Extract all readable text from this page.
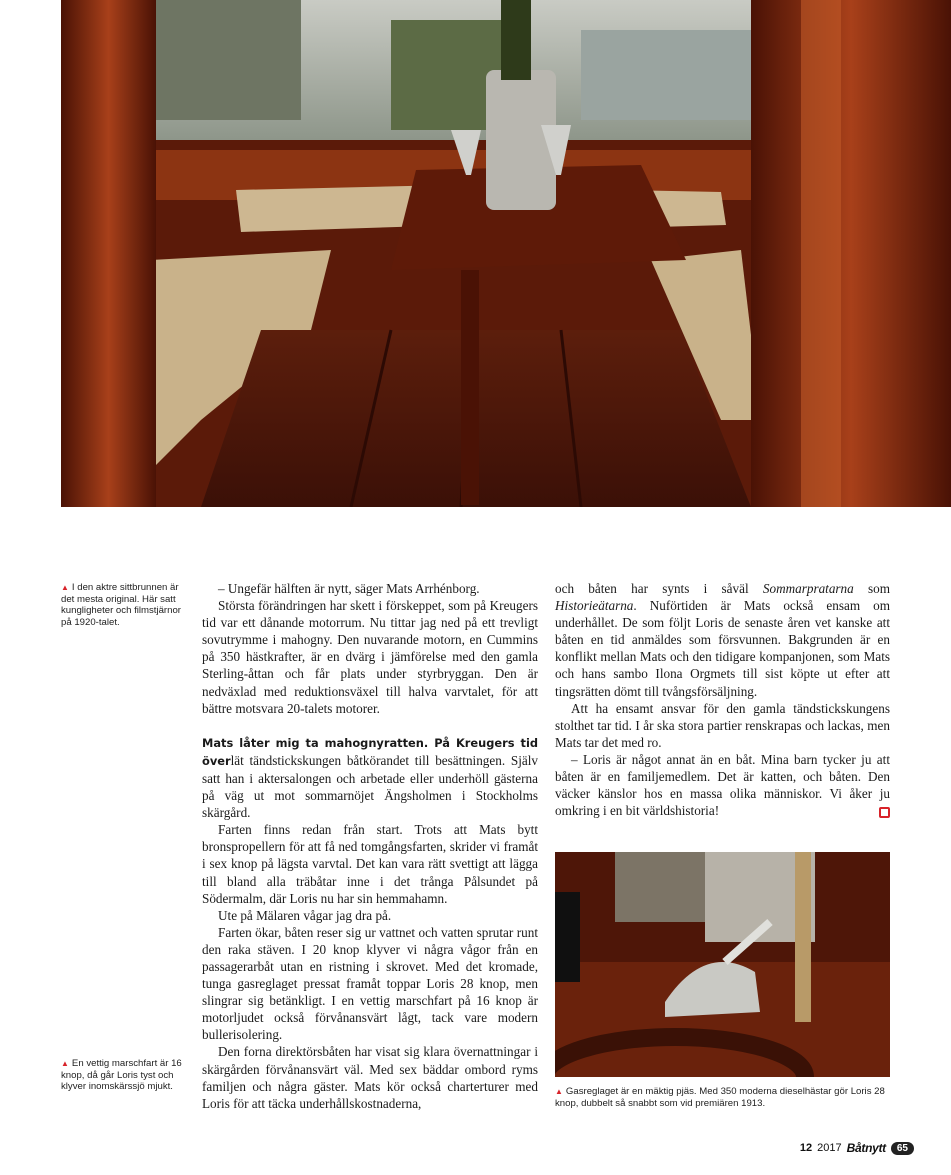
▲ I den aktre sittbrunnen är det mesta original. Här satt kungligheter och filmstjärnor på 1920-talet.
▲ En vettig marschfart är 16 knop, då går Loris tyst och klyver inomskärssjö mjukt.

– Ungefär hälften är nytt, säger Mats Arrhénborg.

Största förändringen har skett i förskeppet, som på Kreugers tid var ett dånande motorrum. Nu tittar jag ned på ett trevligt sovutrymme i mahogny. Den nuvarande motorn, en Cummins på 350 hästkrafter, är en dvärg i jämförelse med den gamla Sterling-åttan och får plats under styrbryggan. Den är nedväxlad med reduktionsväxel till halva varvtalet, för att bättre motsvara 20-talets motorer.

Mats låter mig ta mahognyratten. På Kreugers tid överlät tändstickskungen båtkörandet till besättningen. Själv satt han i aktersalongen och arbetade eller underhöll gästerna på väg ut mot sommarnöjet Ängsholmen i Stockholms skärgård.

Farten finns redan från start. Trots att Mats bytt bronspropellern för att få ned tomgångsfarten, skrider vi framåt i sex knop på lägsta varvtal. Det kan vara rätt svettigt att lägga till bland alla träbåtar inne i det trånga Pålsundet på Södermalm, där Loris nu har sin hemmahamn.

Ute på Mälaren vågar jag dra på.

Farten ökar, båten reser sig ur vattnet och vatten sprutar runt den raka stäven. I 20 knop klyver vi några vågor från en passagerarbåt utan en ristning i skrovet. Med det kromade, tunga gasreglaget pressat framåt toppar Loris 28 knop, men slingrar sig betänkligt. I en vettig marschfart på 16 knop är motorljudet också förvånansvärt lågt, tack vare modern bullerisolering.

Den forna direktörsbåten har visat sig klara övernattningar i skärgården förvånansvärt väl. Med sex bäddar ombord ryms familjen och några gäster. Mats kör också charterturer med Loris för att täcka underhållskostnaderna,

och båten har synts i såväl Sommarpratarna som Historieätarna. Nuförtiden är Mats också ensam om underhållet. De som följt Loris de senaste åren vet kanske att båten en tid anmäldes som försvunnen. Bakgrunden är en konflikt mellan Mats och den tidigare kompanjonen, som Mats och hans sambo Ilona Orgmets till sist köpte ut efter att tingsrätten dömt till tvångsförsäljning.

Att ha ensamt ansvar för den gamla tändstickskungens stolthet tar tid. I år ska stora partier renskrapas och lackas, men Mats tar det med ro.

– Loris är något annat än en båt. Mina barn tycker ju att båten är en familjemedlem. Det är katten, och båten. Den väcker känslor hos en massa olika människor. Vi åker ju omkring i en bit världshistoria!

▲ Gasreglaget är en mäktig pjäs. Med 350 moderna dieselhästar gör Loris 28 knop, dubbelt så snabbt som vid premiären 1913.
12 2017 Båtnytt	65
